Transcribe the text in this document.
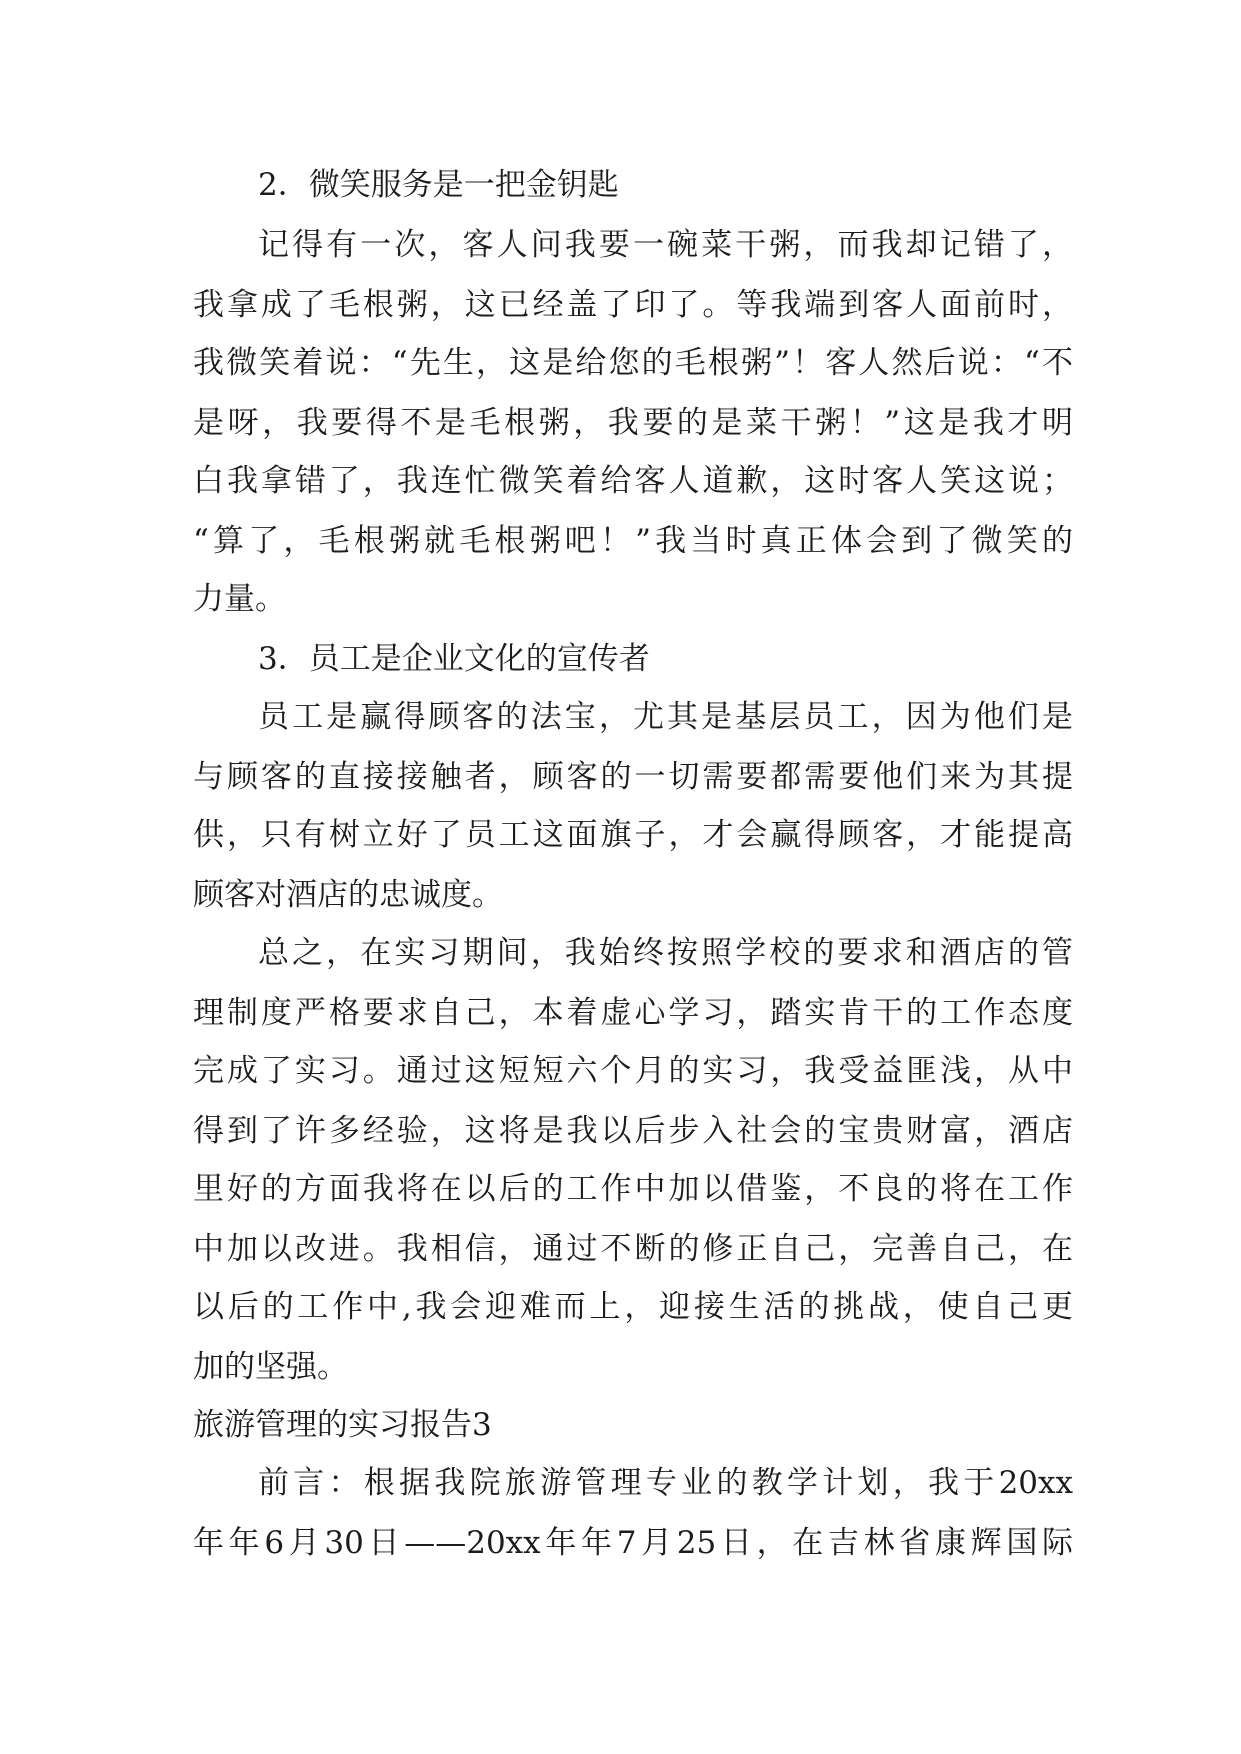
2．微笑服务是一把金钥匙
记得有一次，客人问我要一碗菜干粥，而我却记错了，
我拿成了毛根粥，这已经盖了印了。等我端到客人面前时，
我微笑着说：“先生，这是给您的毛根粥”！客人然后说：“不
是呀，我要得不是毛根粥，我要的是菜干粥！”这是我才明
白我拿错了，我连忙微笑着给客人道歉，这时客人笑这说；
“算了，毛根粥就毛根粥吧！”我当时真正体会到了微笑的
力量。
3．员工是企业文化的宣传者
员工是赢得顾客的法宝，尤其是基层员工，因为他们是
与顾客的直接接触者，顾客的一切需要都需要他们来为其提
供，只有树立好了员工这面旗子，才会赢得顾客，才能提高
顾客对酒店的忠诚度。
总之，在实习期间，我始终按照学校的要求和酒店的管
理制度严格要求自己，本着虚心学习，踏实肯干的工作态度
完成了实习。通过这短短六个月的实习，我受益匪浅，从中
得到了许多经验，这将是我以后步入社会的宝贵财富，酒店
里好的方面我将在以后的工作中加以借鉴，不良的将在工作
中加以改进。我相信，通过不断的修正自己，完善自己，在
以后的工作中,我会迎难而上，迎接生活的挑战，使自己更
加的坚强。
旅游管理的实习报告3
前言：根据我院旅游管理专业的教学计划，我于20xx
年年6月30日——20xx年年7月25日，在吉林省康辉国际
